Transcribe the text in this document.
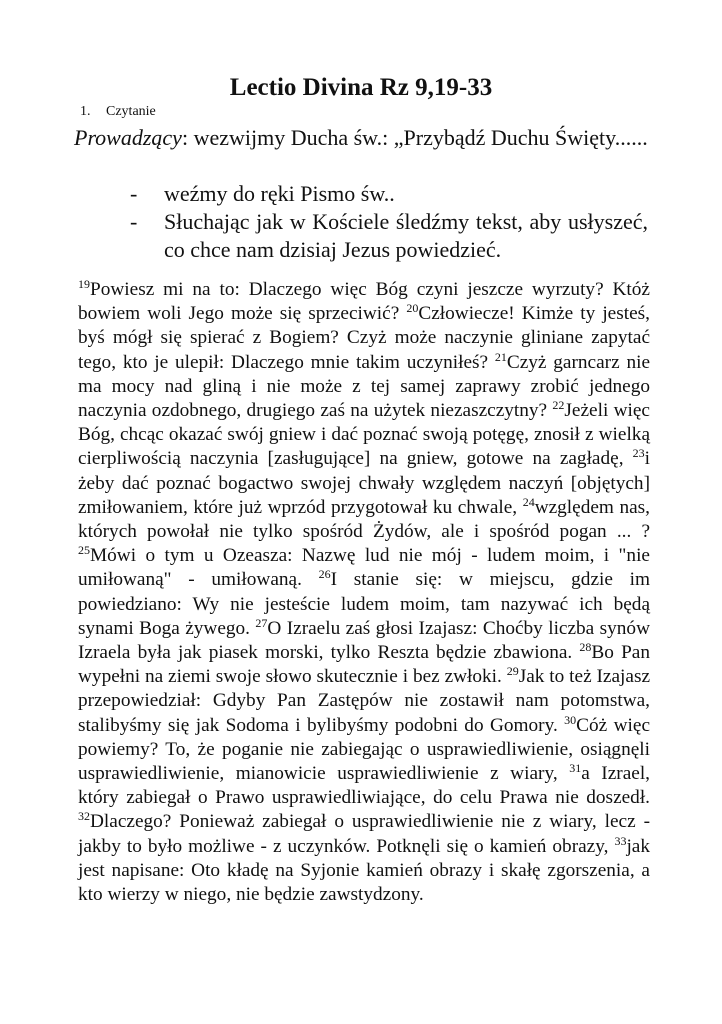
Lectio Divina Rz 9,19-33
1. Czytanie

Prowadzący: wezwijmy Ducha św.: „Przybądź Duchu Święty......

- weźmy do ręki Pismo św..
- Słuchając jak w Kościele śledźmy tekst, aby usłyszeć, co chce nam dzisiaj Jezus powiedzieć.

$^{19}$Powiesz mi na to: Dlaczego więc Bóg czyni jeszcze wyrzuty? Któż bowiem woli Jego może się sprzeciwić? $^{20}$Człowiecze! Kimże ty jesteś, byś mógł się spierać z Bogiem? Czyż może naczynie gliniane zapytać tego, kto je ulepił: Dlaczego mnie takim uczyniłeś? $^{21}$Czyż garncarz nie ma mocy nad gliną i nie może z tej samej zaprawy zrobić jednego naczynia ozdobnego, drugiego zaś na użytek niezaszczytny? $^{22}$Jeżeli więc Bóg, chcąc okazać swój gniew i dać poznać swoją potęgę, znosił z wielką cierpliwością naczynia [zasługujące] na gniew, gotowe na zagładę, $^{23}$i żeby dać poznać bogactwo swojej chwały względem naczyń [objętych] zmiłowaniem, które już wprzód przygotował ku chwale, $^{24}$względem nas, których powołał nie tylko spośród Żydów, ale i spośród pogan ... ? $^{25}$Mówi o tym u Ozeasza: Nazwę lud nie mój - ludem moim, i "nie umiłowaną" - umiłowaną. $^{26}$I stanie się: w miejscu, gdzie im powiedziano: Wy nie jesteście ludem moim, tam nazywać ich będą synami Boga żywego. $^{27}$O Izraelu zaś głosi Izajasz: Choćby liczba synów Izraela była jak piasek morski, tylko Reszta będzie zbawiona. $^{28}$Bo Pan wypełni na ziemi swoje słowo skutecznie i bez zwłoki. $^{29}$Jak to też Izajasz przepowiedział: Gdyby Pan Zastępów nie zostawił nam potomstwa, stalibyśmy się jak Sodoma i bylibyśmy podobni do Gomory. $^{30}$Cóż więc powiemy? To, że poganie nie zabiegając o usprawiedliwienie, osiągnęli usprawiedliwienie, mianowicie usprawiedliwienie z wiary, $^{31}$a Izrael, który zabiegał o Prawo usprawiedliwiające, do celu Prawa nie doszedł. $^{32}$Dlaczego? Ponieważ zabiegał o usprawiedliwienie nie z wiary, lecz - jakby to było możliwe - z uczynków. Potknęli się o kamień obrazy, $^{33}$jak jest napisane: Oto kładę na Syjonie kamień obrazy i skałę zgorszenia, a kto wierzy w niego, nie będzie zawstydzony.
